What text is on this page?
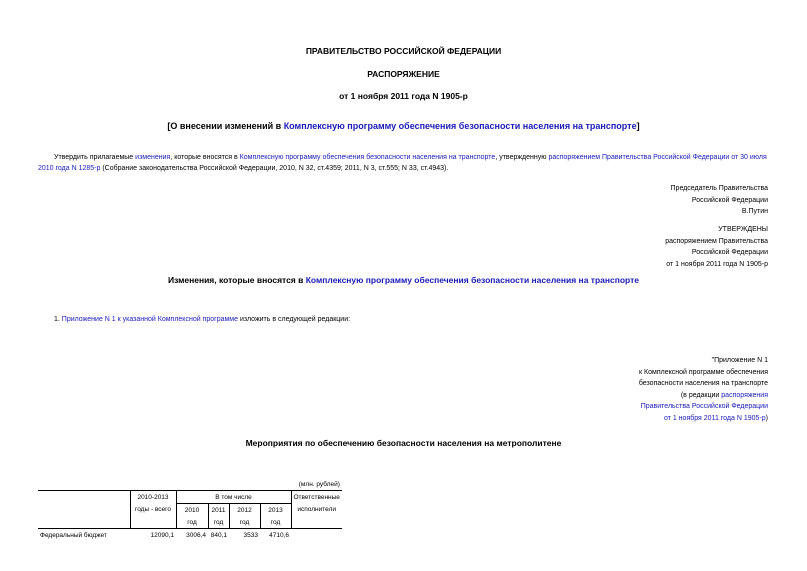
ПРАВИТЕЛЬСТВО РОССИЙСКОЙ ФЕДЕРАЦИИ
РАСПОРЯЖЕНИЕ
от 1 ноября 2011 года N 1905-р
[О внесении изменений в Комплексную программу обеспечения безопасности населения на транспорте]
Утвердить прилагаемые изменения, которые вносятся в Комплексную программу обеспечения безопасности населения на транспорте, утвержденную распоряжением Правительства Российской Федерации от 30 июля 2010 года N 1285-р (Собрание законодательства Российской Федерации, 2010, N 32, ст.4359; 2011, N 3, ст.555; N 33, ст.4943).
Председатель Правительства
Российской Федерации
В.Путин
УТВЕРЖДЕНЫ
распоряжением Правительства
Российской Федерации
от 1 ноября 2011 года N 1905-р
Изменения, которые вносятся в Комплексную программу обеспечения безопасности населения на транспорте
1. Приложение N 1 к указанной Комплексной программе изложить в следующей редакции:
"Приложение N 1
к Комплексной программе обеспечения
безопасности населения на транспорте
(в редакции распоряжения
Правительства Российской Федерации
от 1 ноября 2011 года N 1905-р)
Мероприятия по обеспечению безопасности населения на метрополитене
(млн. рублей)						
	2010-2013	В том числе				Ответственные
	годы - всего	2010	2011	2012	2013	исполнители
		год	год	год	год	
Федеральный бюджет	12090,1	3006,4	840,1	3533	4710,6	
